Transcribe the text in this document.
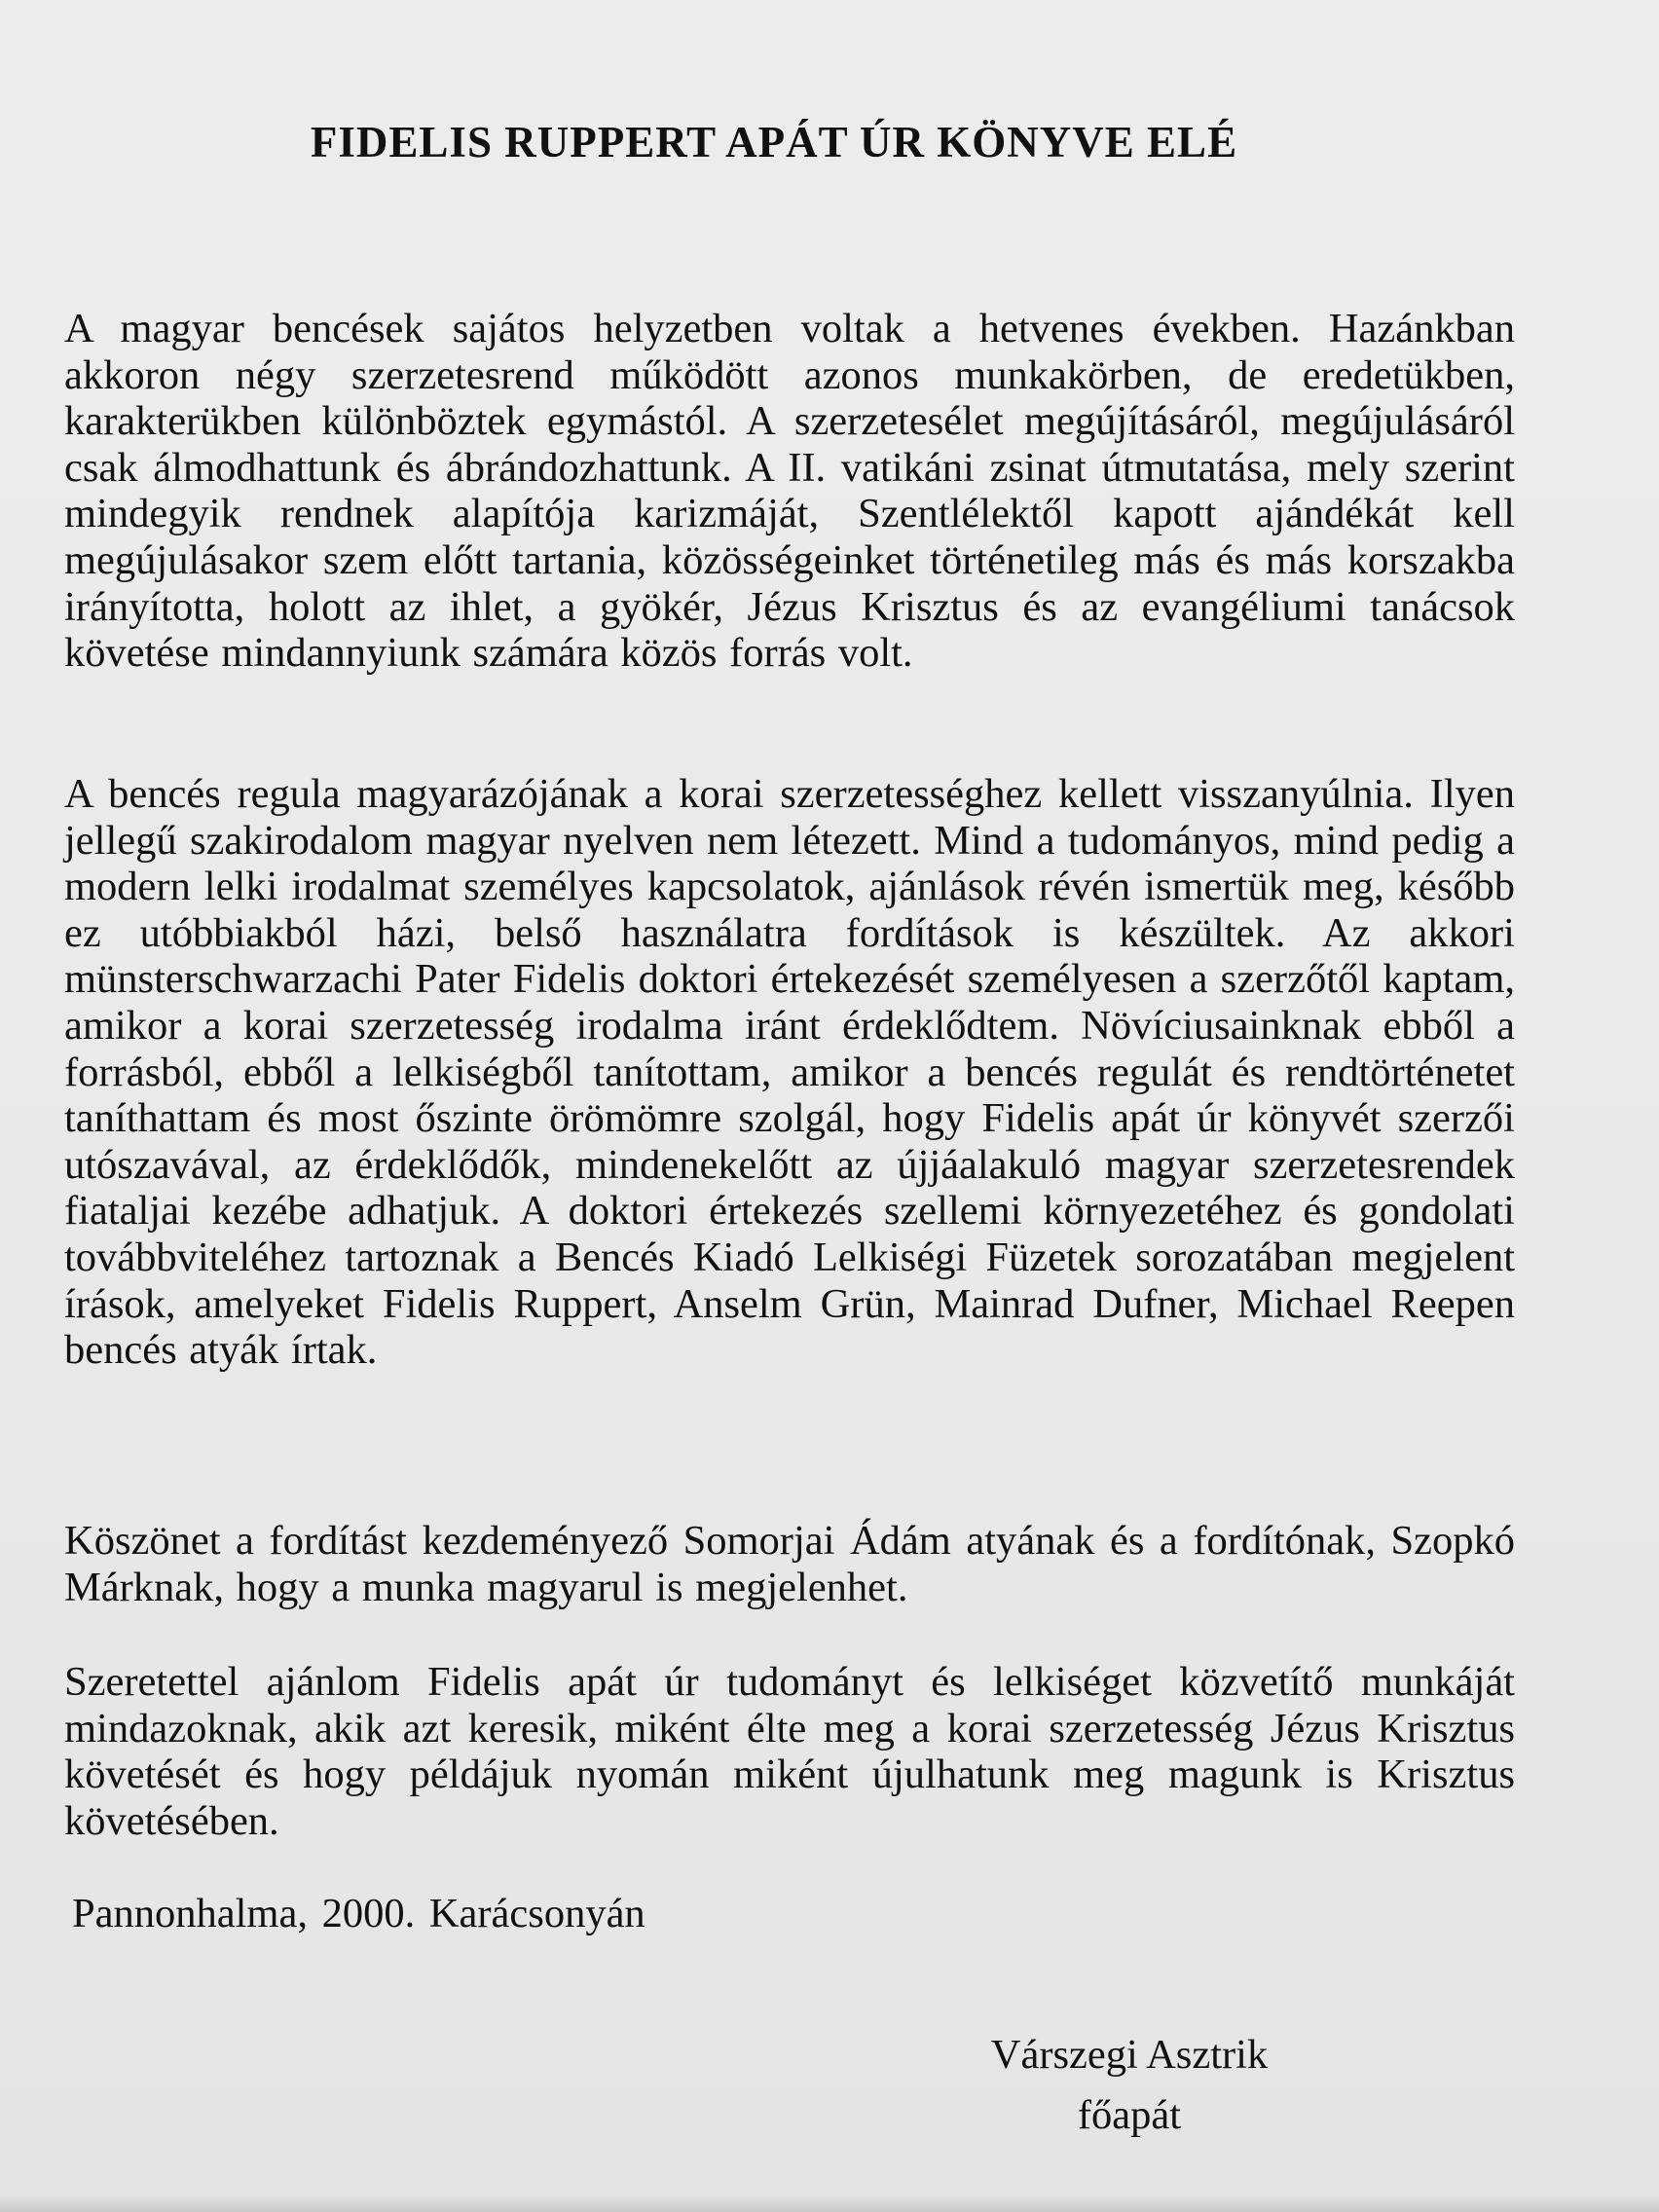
FIDELIS RUPPERT APÁT ÚR KÖNYVE ELÉ

A magyar bencések sajátos helyzetben voltak a hetvenes években. Hazánkban akkoron négy szerzetesrend működött azonos munkakörben, de eredetükben, karakterükben különböztek egymástól. A szerzetesélet megújításáról, megújulásáról csak álmodhattunk és ábrándozhattunk. A II. vatikáni zsinat útmutatása, mely szerint mindegyik rendnek alapítója karizmáját, Szentlélektől kapott ajándékát kell megújulásakor szem előtt tartania, közösségeinket történetileg más és más korszakba irányította, holott az ihlet, a gyökér, Jézus Krisztus és az evangéliumi tanácsok követése mindannyiunk számára közös forrás volt.

A bencés regula magyarázójának a korai szerzetességhez kellett visszanyúlnia. Ilyen jellegű szakirodalom magyar nyelven nem létezett. Mind a tudományos, mind pedig a modern lelki irodalmat személyes kapcsolatok, ajánlások révén ismertük meg, később ez utóbbiakból házi, belső használatra fordítások is készültek. Az akkori münsterschwarzachi Pater Fidelis doktori értekezését személyesen a szerzőtől kaptam, amikor a korai szerzetesség irodalma iránt érdeklődtem. Növíciusainknak ebből a forrásból, ebből a lelkiségből tanítottam, amikor a bencés regulát és rendtörténetet taníthattam és most őszinte örömömre szolgál, hogy Fidelis apát úr könyvét szerzői utószavával, az érdeklődők, mindenekelőtt az újjáalakuló magyar szerzetesrendek fiataljai kezébe adhatjuk. A doktori értekezés szellemi környezetéhez és gondolati továbbviteléhez tartoznak a Bencés Kiadó Lelkiségi Füzetek sorozatában megjelent írások, amelyeket Fidelis Ruppert, Anselm Grün, Mainrad Dufner, Michael Reepen bencés atyák írtak.

Köszönet a fordítást kezdeményező Somorjai Ádám atyának és a fordítónak, Szopkó Márknak, hogy a munka magyarul is megjelenhet.

Szeretettel ajánlom Fidelis apát úr tudományt és lelkiséget közvetítő munkáját mindazoknak, akik azt keresik, miként élte meg a korai szerzetesség Jézus Krisztus követését és hogy példájuk nyomán miként újulhatunk meg magunk is Krisztus követésében.

Pannonhalma, 2000. Karácsonyán

Várszegi Asztrik
főapát
